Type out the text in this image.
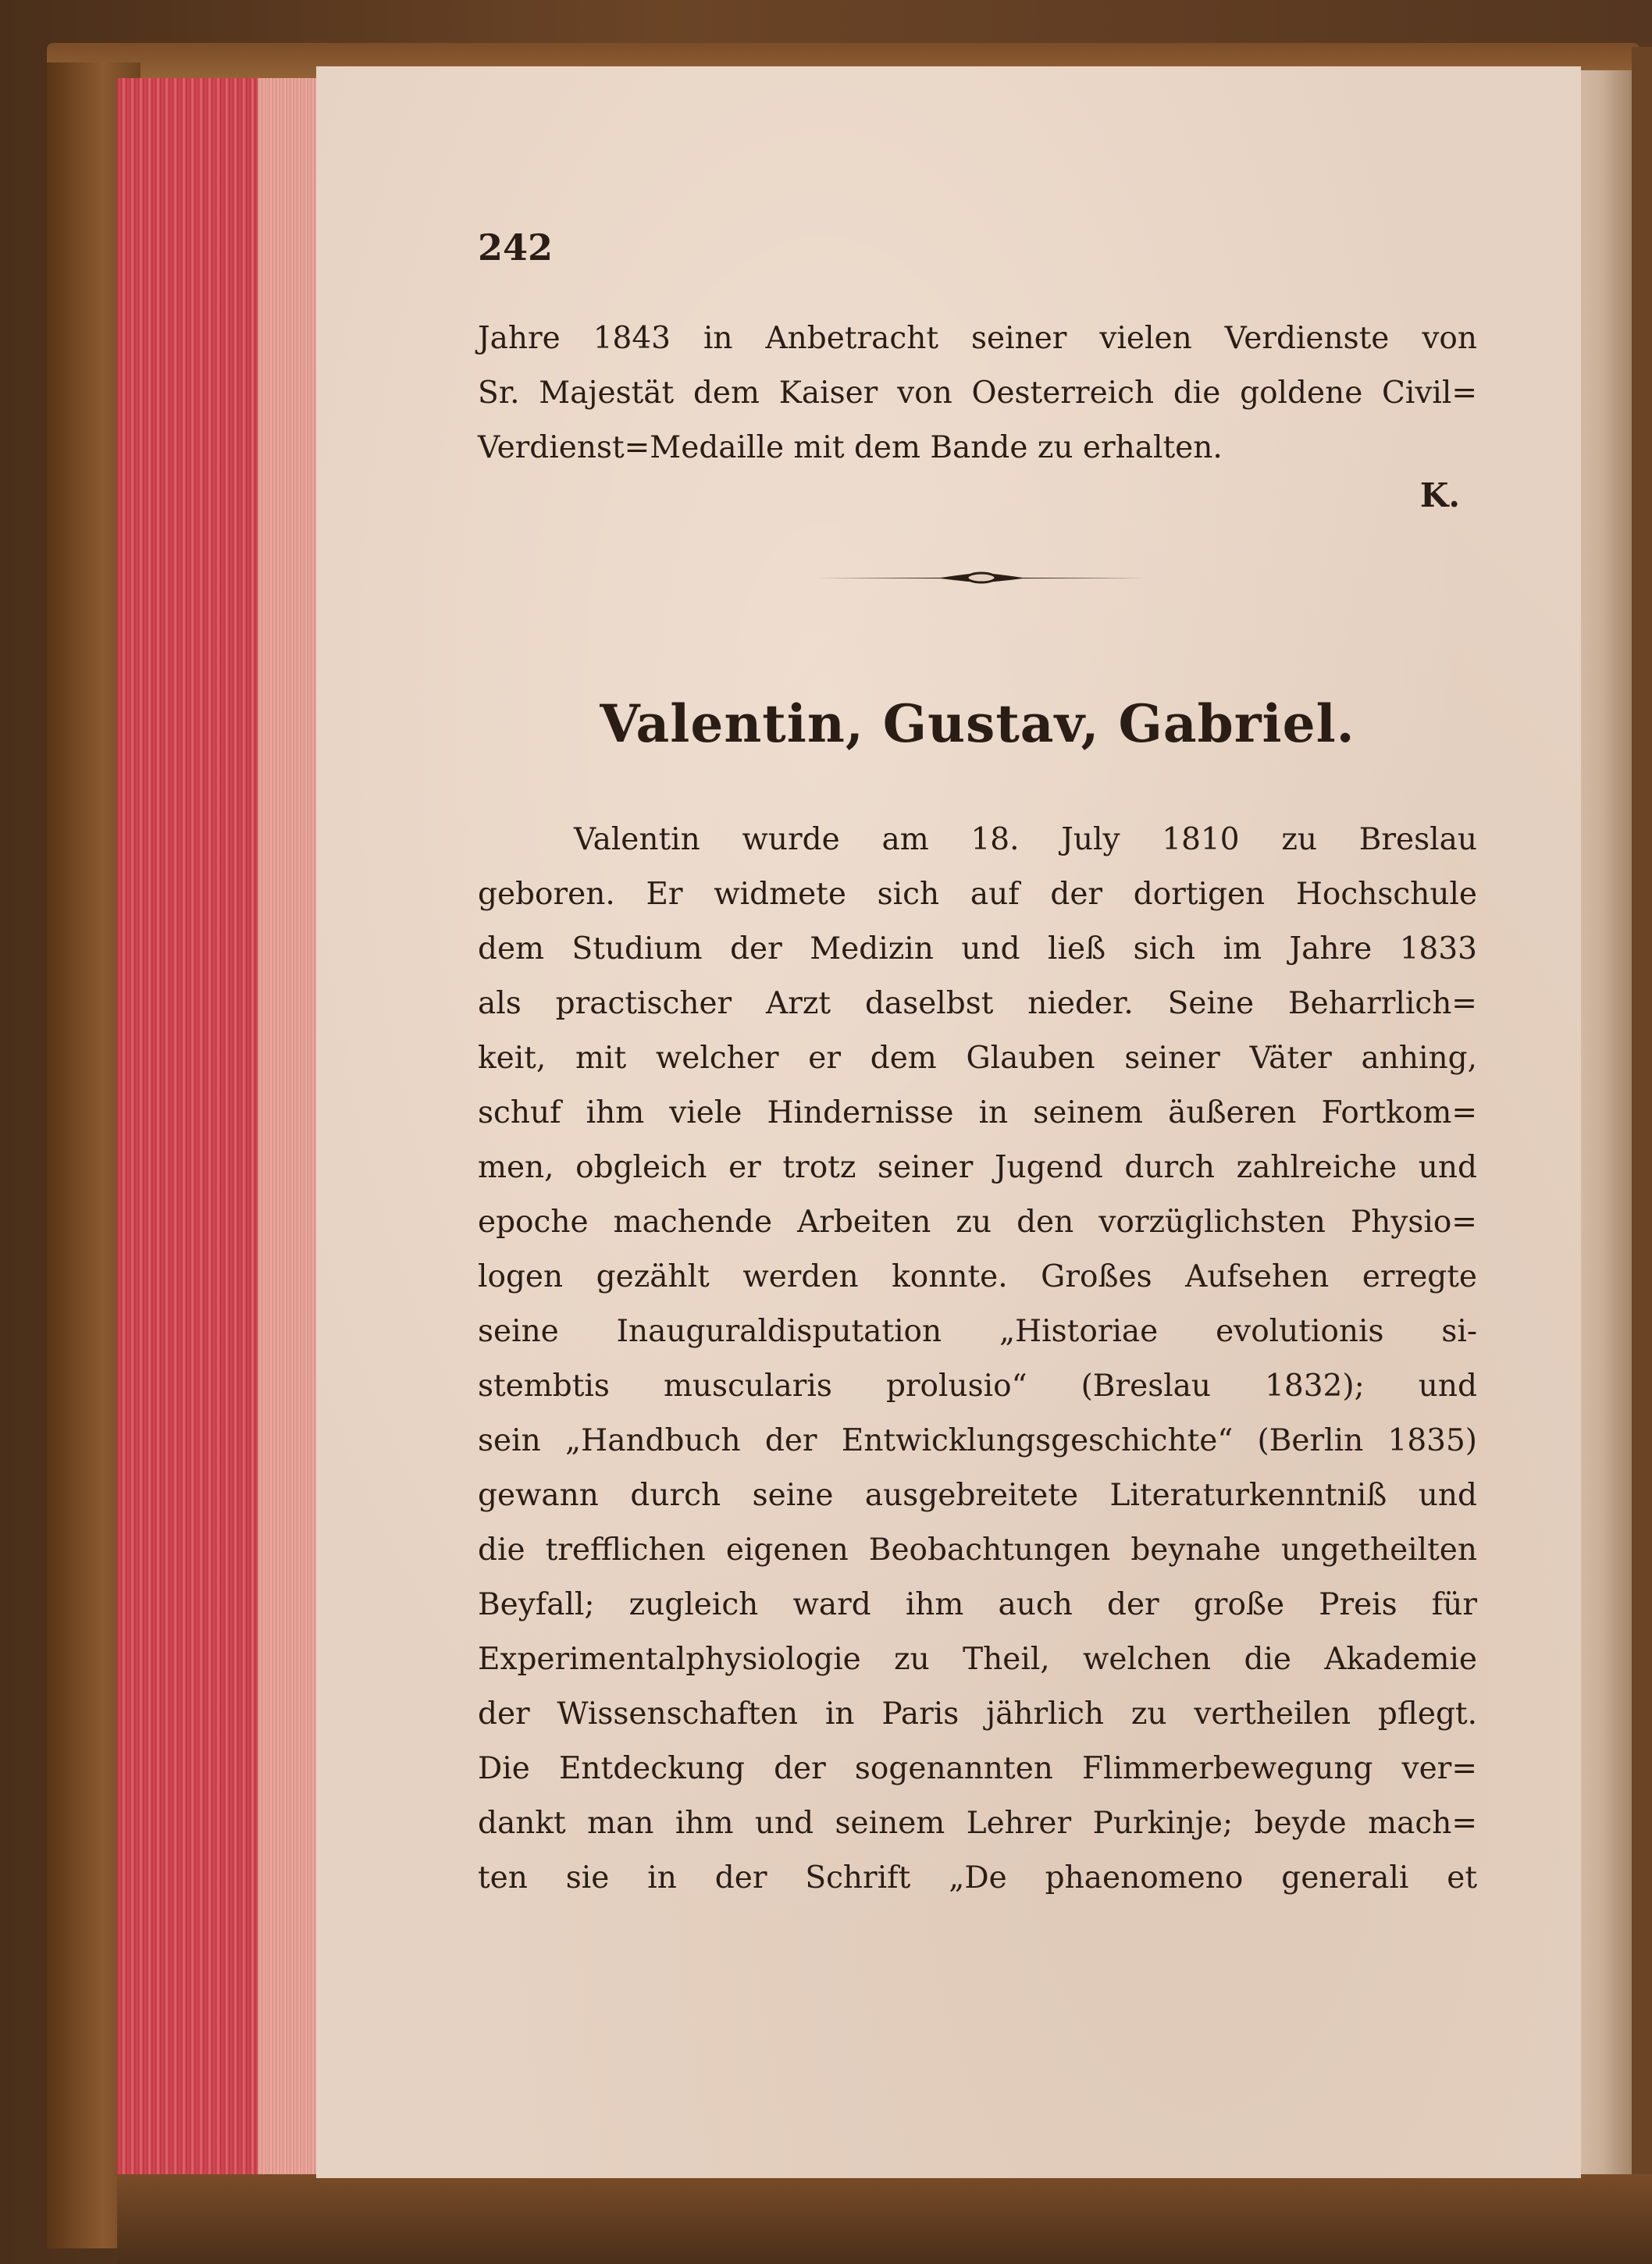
242

Jahre 1843 in Anbetracht seiner vielen Verdienste von

Sr. Majestät dem Kaiser von Oesterreich die goldene Civil=

Verdienst=Medaille mit dem Bande zu erhalten.

K.

Valentin, Gustav, Gabriel.

Valentin wurde am 18. July 1810 zu Breslau

geboren. Er widmete sich auf der dortigen Hochschule

dem Studium der Medizin und ließ sich im Jahre 1833

als practischer Arzt daselbst nieder. Seine Beharrlich=

keit, mit welcher er dem Glauben seiner Väter anhing,

schuf ihm viele Hindernisse in seinem äußeren Fortkom=

men, obgleich er trotz seiner Jugend durch zahlreiche und

epoche machende Arbeiten zu den vorzüglichsten Physio=

logen gezählt werden konnte. Großes Aufsehen erregte

seine Inauguraldisputation „Historiae evolutionis si-

stembtis muscularis prolusio“ (Breslau 1832); und

sein „Handbuch der Entwicklungsgeschichte“ (Berlin 1835)

gewann durch seine ausgebreitete Literaturkenntniß und

die trefflichen eigenen Beobachtungen beynahe ungetheilten

Beyfall; zugleich ward ihm auch der große Preis für

Experimentalphysiologie zu Theil, welchen die Akademie

der Wissenschaften in Paris jährlich zu vertheilen pflegt.

Die Entdeckung der sogenannten Flimmerbewegung ver=

dankt man ihm und seinem Lehrer Purkinje; beyde mach=

ten sie in der Schrift „De phaenomeno generali et
